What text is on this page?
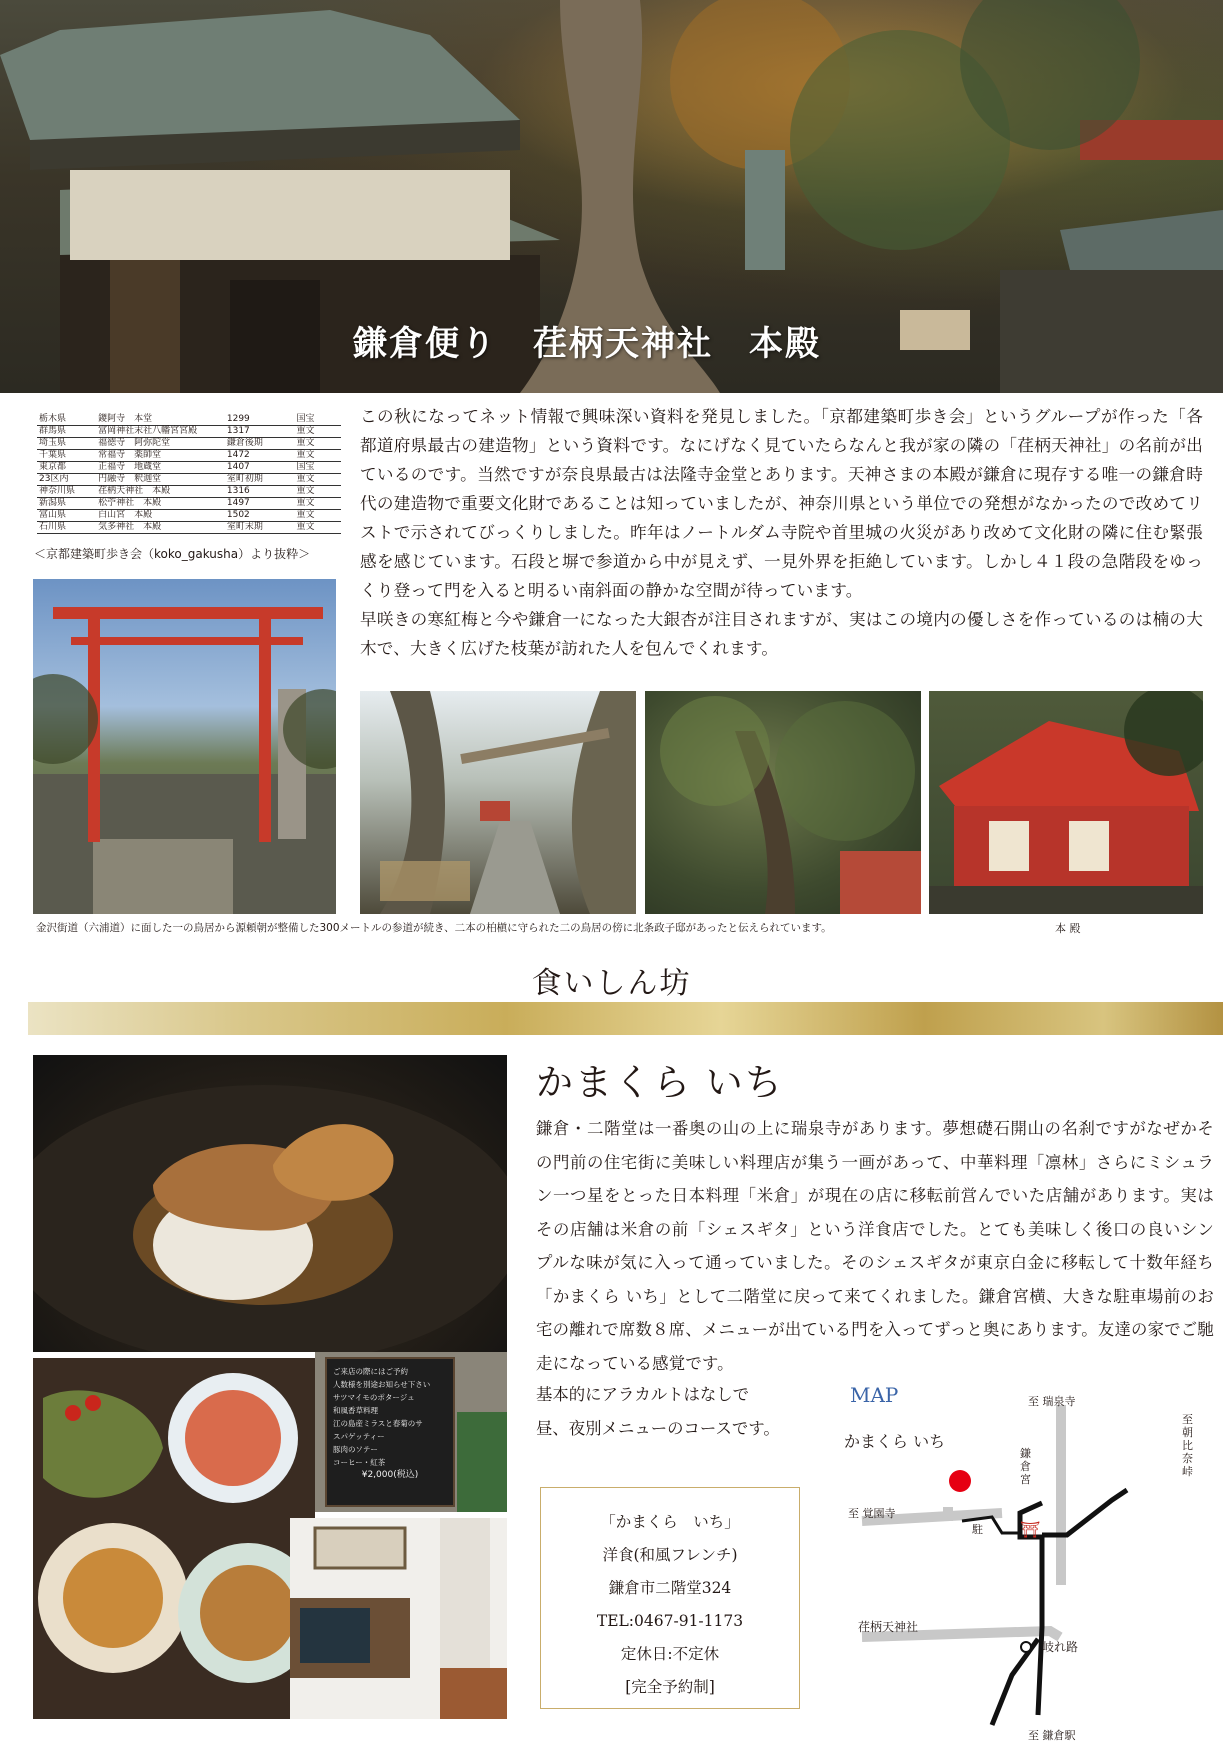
鎌倉便り　荏柄天神社　本殿
栃木県	鑁阿寺　本堂	1299	国宝
群馬県	富岡神社末社八幡宮宮殿	1317	重文
埼玉県	福徳寺　阿弥陀堂	鎌倉後期	重文
千葉県	常福寺　薬師堂	1472	重文
東京都	正福寺　地蔵堂	1407	国宝
23区内	円融寺　釈迦堂	室町初期	重文
神奈川県	荏柄天神社　本殿	1316	重文
新潟県	松苧神社　本殿	1497	重文
富山県	白山宮　本殿	1502	重文
石川県	気多神社　本殿	室町末期	重文
＜京都建築町歩き会（koko_gakusha）より抜粋＞
この秋になってネット情報で興味深い資料を発見しました。「京都建築町歩き会」というグループが作った「各都道府県最古の建造物」という資料です。なにげなく見ていたらなんと我が家の隣の「荏柄天神社」の名前が出ているのです。当然ですが奈良県最古は法隆寺金堂とあります。天神さまの本殿が鎌倉に現存する唯一の鎌倉時代の建造物で重要文化財であることは知っていましたが、神奈川県という単位での発想がなかったので改めてリストで示されてびっくりしました。昨年はノートルダム寺院や首里城の火災があり改めて文化財の隣に住む緊張感を感じています。石段と塀で参道から中が見えず、一見外界を拒絶しています。しかし４１段の急階段をゆっくり登って門を入ると明るい南斜面の静かな空間が待っています。
早咲きの寒紅梅と今や鎌倉一になった大銀杏が注目されますが、実はこの境内の優しさを作っているのは楠の大木で、大きく広げた枝葉が訪れた人を包んでくれます。
金沢街道（六浦道）に面した一の鳥居から源頼朝が整備した300メートルの参道が続き、二本の柏槇に守られた二の鳥居の傍に北条政子邸があったと伝えられています。	本 殿
食いしん坊
ご来店の際にはご予約
人数様を別途お知らせ下さい
サツマイモのポタージュ
和風香草料理
江の島産ミラスと春菊のサ
スパゲッティー
豚肉のソテー
コーヒー・紅茶
¥2,000(税込)
かまくら いち
鎌倉・二階堂は一番奥の山の上に瑞泉寺があります。夢想礎石開山の名刹ですがなぜかその門前の住宅街に美味しい料理店が集う一画があって、中華料理「凛林」さらにミシュラン一つ星をとった日本料理「米倉」が現在の店に移転前営んでいた店舗があります。実はその店舗は米倉の前「シェスギタ」という洋食店でした。とても美味しく後口の良いシンプルな味が気に入って通っていました。そのシェスギタが東京白金に移転して十数年経ち「かまくら いち」として二階堂に戻って来てくれました。鎌倉宮横、大きな駐車場前のお宅の離れで席数８席、メニューが出ている門を入ってずっと奥にあります。友達の家でご馳走になっている感覚です。
基本的にアラカルトはなしで
昼、夜別メニューのコースです。
「かまくら　いち」
洋食(和風フレンチ)
鎌倉市二階堂324
TEL:0467-91-1173
定休日:不定休
[完全予約制]
⛩
MAP
かまくら いち
至 瑞泉寺
至 覚園寺
駐
鎌倉宮
至朝比奈峠
荏柄天神社
岐れ路
至 鎌倉駅
